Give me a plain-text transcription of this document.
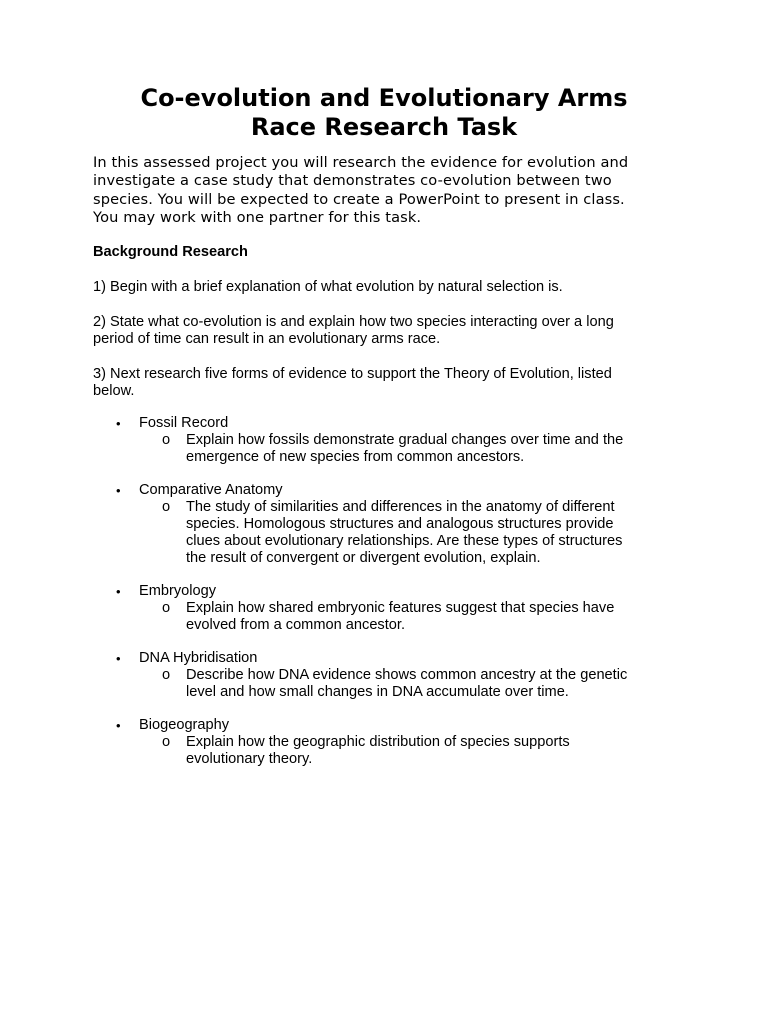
Co-evolution and Evolutionary Arms
Race Research Task

In this assessed project you will research the evidence for evolution and
investigate a case study that demonstrates co-evolution between two
species. You will be expected to create a PowerPoint to present in class.
You may work with one partner for this task.

Background Research

1) Begin with a brief explanation of what evolution by natural selection is.

2) State what co-evolution is and explain how two species interacting over a long
period of time can result in an evolutionary arms race.

3) Next research five forms of evidence to support the Theory of Evolution, listed
below.

• Fossil Record
o Explain how fossils demonstrate gradual changes over time and the
emergence of new species from common ancestors.
• Comparative Anatomy
o The study of similarities and differences in the anatomy of different
species. Homologous structures and analogous structures provide
clues about evolutionary relationships. Are these types of structures
the result of convergent or divergent evolution, explain.
• Embryology
o Explain how shared embryonic features suggest that species have
evolved from a common ancestor.
• DNA Hybridisation
o Describe how DNA evidence shows common ancestry at the genetic
level and how small changes in DNA accumulate over time.
• Biogeography
o Explain how the geographic distribution of species supports
evolutionary theory.
